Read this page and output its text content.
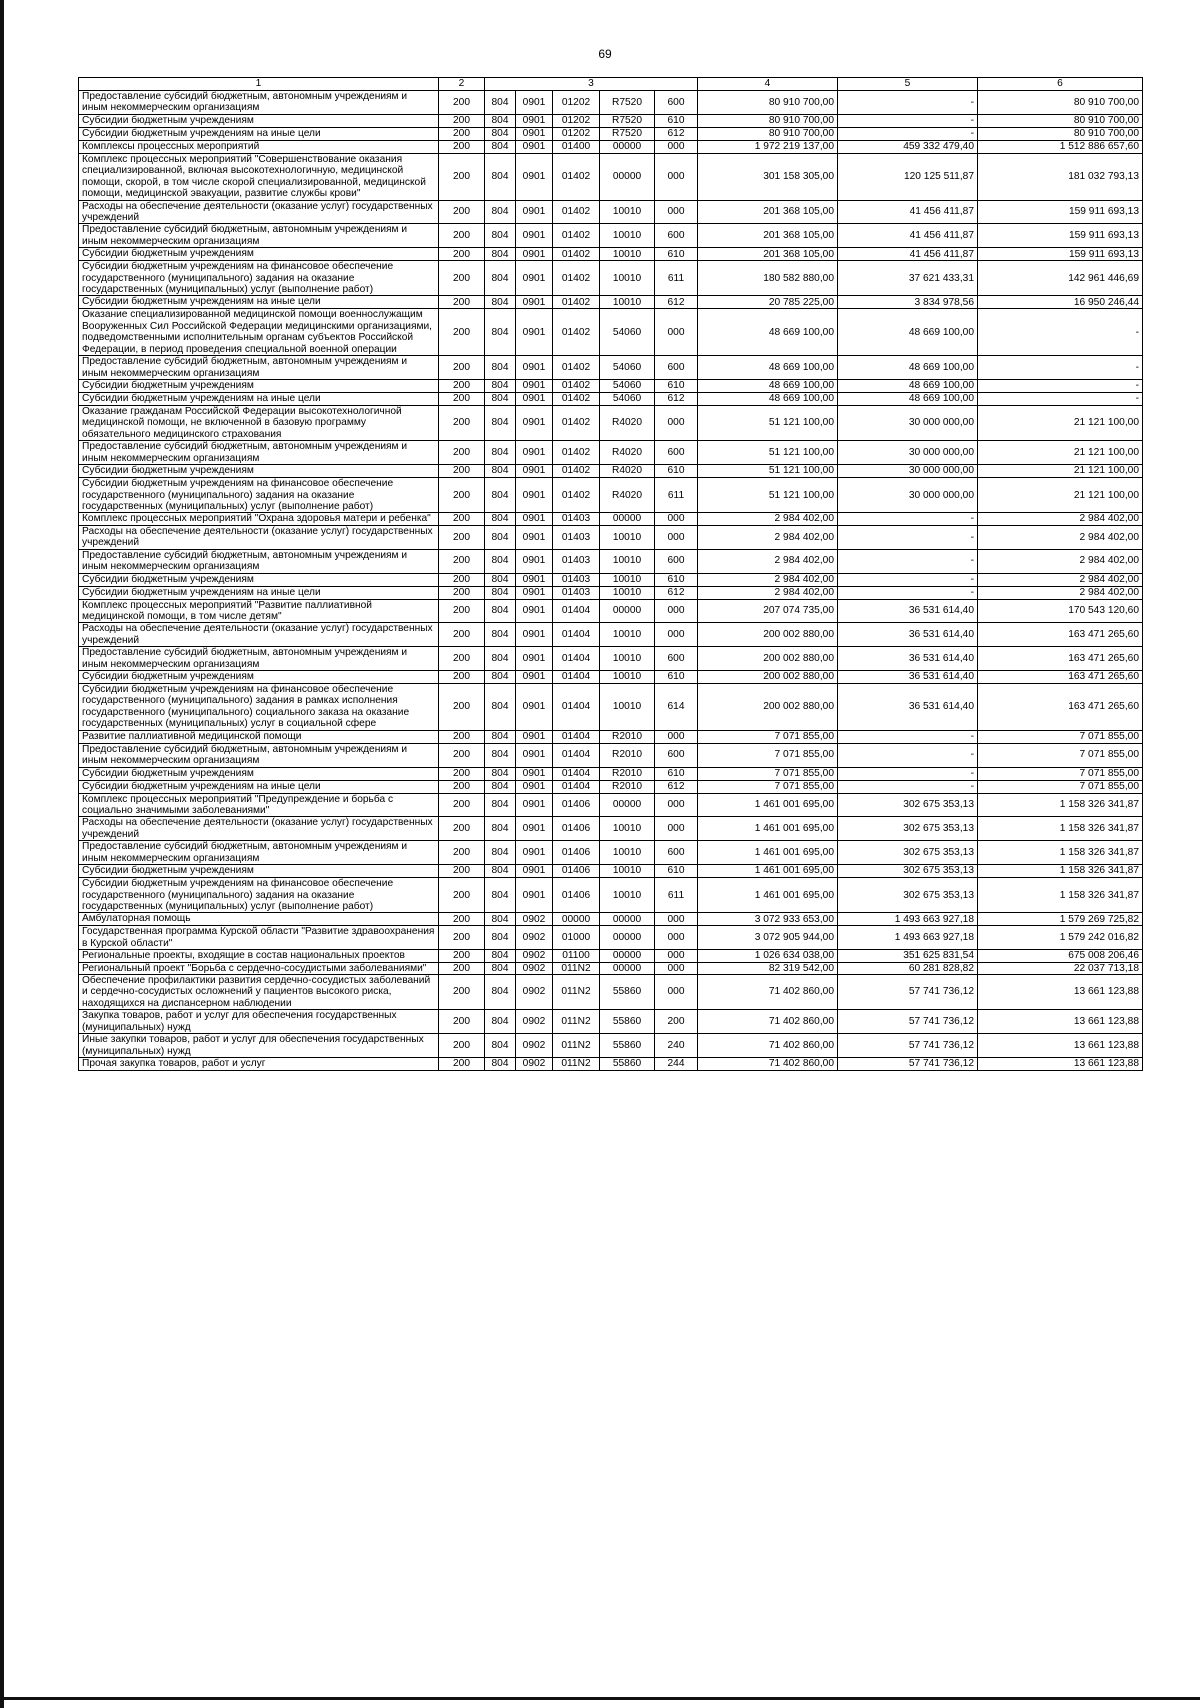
69
1	2	3					4	5	6
Предоставление субсидий бюджетным, автономным учреждениям и иным некоммерческим организациям	200	804	0901	01202	R7520	600	80 910 700,00	-	80 910 700,00
Субсидии бюджетным учреждениям	200	804	0901	01202	R7520	610	80 910 700,00	-	80 910 700,00
Субсидии бюджетным учреждениям на иные цели	200	804	0901	01202	R7520	612	80 910 700,00	-	80 910 700,00
Комплексы процессных мероприятий	200	804	0901	01400	00000	000	1 972 219 137,00	459 332 479,40	1 512 886 657,60
Комплекс процессных мероприятий "Совершенствование оказания специализированной, включая высокотехнологичную, медицинской помощи, скорой, в том числе скорой специализированной, медицинской помощи, медицинской эвакуации, развитие службы крови"	200	804	0901	01402	00000	000	301 158 305,00	120 125 511,87	181 032 793,13
Расходы на обеспечение деятельности (оказание услуг) государственных учреждений	200	804	0901	01402	10010	000	201 368 105,00	41 456 411,87	159 911 693,13
Предоставление субсидий бюджетным, автономным учреждениям и иным некоммерческим организациям	200	804	0901	01402	10010	600	201 368 105,00	41 456 411,87	159 911 693,13
Субсидии бюджетным учреждениям	200	804	0901	01402	10010	610	201 368 105,00	41 456 411,87	159 911 693,13
Субсидии бюджетным учреждениям на финансовое обеспечение государственного (муниципального) задания на оказание государственных (муниципальных) услуг (выполнение работ)	200	804	0901	01402	10010	611	180 582 880,00	37 621 433,31	142 961 446,69
Субсидии бюджетным учреждениям на иные цели	200	804	0901	01402	10010	612	20 785 225,00	3 834 978,56	16 950 246,44
Оказание специализированной медицинской помощи военнослужащим Вооруженных Сил Российской Федерации медицинскими организациями, подведомственными исполнительным органам субъектов Российской Федерации, в период проведения специальной военной операции	200	804	0901	01402	54060	000	48 669 100,00	48 669 100,00	-
Предоставление субсидий бюджетным, автономным учреждениям и иным некоммерческим организациям	200	804	0901	01402	54060	600	48 669 100,00	48 669 100,00	-
Субсидии бюджетным учреждениям	200	804	0901	01402	54060	610	48 669 100,00	48 669 100,00	-
Субсидии бюджетным учреждениям на иные цели	200	804	0901	01402	54060	612	48 669 100,00	48 669 100,00	-
Оказание гражданам Российской Федерации высокотехнологичной медицинской помощи, не включенной в базовую программу обязательного медицинского страхования	200	804	0901	01402	R4020	000	51 121 100,00	30 000 000,00	21 121 100,00
Предоставление субсидий бюджетным, автономным учреждениям и иным некоммерческим организациям	200	804	0901	01402	R4020	600	51 121 100,00	30 000 000,00	21 121 100,00
Субсидии бюджетным учреждениям	200	804	0901	01402	R4020	610	51 121 100,00	30 000 000,00	21 121 100,00
Субсидии бюджетным учреждениям на финансовое обеспечение государственного (муниципального) задания на оказание государственных (муниципальных) услуг (выполнение работ)	200	804	0901	01402	R4020	611	51 121 100,00	30 000 000,00	21 121 100,00
Комплекс процессных мероприятий "Охрана здоровья матери и ребенка"	200	804	0901	01403	00000	000	2 984 402,00	-	2 984 402,00
Расходы на обеспечение деятельности (оказание услуг) государственных учреждений	200	804	0901	01403	10010	000	2 984 402,00	-	2 984 402,00
Предоставление субсидий бюджетным, автономным учреждениям и иным некоммерческим организациям	200	804	0901	01403	10010	600	2 984 402,00	-	2 984 402,00
Субсидии бюджетным учреждениям	200	804	0901	01403	10010	610	2 984 402,00	-	2 984 402,00
Субсидии бюджетным учреждениям на иные цели	200	804	0901	01403	10010	612	2 984 402,00	-	2 984 402,00
Комплекс процессных мероприятий "Развитие паллиативной медицинской помощи, в том числе детям"	200	804	0901	01404	00000	000	207 074 735,00	36 531 614,40	170 543 120,60
Расходы на обеспечение деятельности (оказание услуг) государственных учреждений	200	804	0901	01404	10010	000	200 002 880,00	36 531 614,40	163 471 265,60
Предоставление субсидий бюджетным, автономным учреждениям и иным некоммерческим организациям	200	804	0901	01404	10010	600	200 002 880,00	36 531 614,40	163 471 265,60
Субсидии бюджетным учреждениям	200	804	0901	01404	10010	610	200 002 880,00	36 531 614,40	163 471 265,60
Субсидии бюджетным учреждениям на финансовое обеспечение государственного (муниципального) задания в рамках исполнения государственного (муниципального) социального заказа на оказание государственных (муниципальных) услуг в социальной сфере	200	804	0901	01404	10010	614	200 002 880,00	36 531 614,40	163 471 265,60
Развитие паллиативной медицинской помощи	200	804	0901	01404	R2010	000	7 071 855,00	-	7 071 855,00
Предоставление субсидий бюджетным, автономным учреждениям и иным некоммерческим организациям	200	804	0901	01404	R2010	600	7 071 855,00	-	7 071 855,00
Субсидии бюджетным учреждениям	200	804	0901	01404	R2010	610	7 071 855,00	-	7 071 855,00
Субсидии бюджетным учреждениям на иные цели	200	804	0901	01404	R2010	612	7 071 855,00	-	7 071 855,00
Комплекс процессных мероприятий "Предупреждение и борьба с социально значимыми заболеваниями"	200	804	0901	01406	00000	000	1 461 001 695,00	302 675 353,13	1 158 326 341,87
Расходы на обеспечение деятельности (оказание услуг) государственных учреждений	200	804	0901	01406	10010	000	1 461 001 695,00	302 675 353,13	1 158 326 341,87
Предоставление субсидий бюджетным, автономным учреждениям и иным некоммерческим организациям	200	804	0901	01406	10010	600	1 461 001 695,00	302 675 353,13	1 158 326 341,87
Субсидии бюджетным учреждениям	200	804	0901	01406	10010	610	1 461 001 695,00	302 675 353,13	1 158 326 341,87
Субсидии бюджетным учреждениям на финансовое обеспечение государственного (муниципального) задания на оказание государственных (муниципальных) услуг (выполнение работ)	200	804	0901	01406	10010	611	1 461 001 695,00	302 675 353,13	1 158 326 341,87
Амбулаторная помощь	200	804	0902	00000	00000	000	3 072 933 653,00	1 493 663 927,18	1 579 269 725,82
Государственная программа Курской области "Развитие здравоохранения в Курской области"	200	804	0902	01000	00000	000	3 072 905 944,00	1 493 663 927,18	1 579 242 016,82
Региональные проекты, входящие в состав национальных проектов	200	804	0902	01100	00000	000	1 026 634 038,00	351 625 831,54	675 008 206,46
Региональный проект "Борьба с сердечно-сосудистыми заболеваниями"	200	804	0902	011N2	00000	000	82 319 542,00	60 281 828,82	22 037 713,18
Обеспечение профилактики развития сердечно-сосудистых заболеваний и сердечно-сосудистых осложнений у пациентов высокого риска, находящихся на диспансерном наблюдении	200	804	0902	011N2	55860	000	71 402 860,00	57 741 736,12	13 661 123,88
Закупка товаров, работ и услуг для обеспечения государственных (муниципальных) нужд	200	804	0902	011N2	55860	200	71 402 860,00	57 741 736,12	13 661 123,88
Иные закупки товаров, работ и услуг для обеспечения государственных (муниципальных) нужд	200	804	0902	011N2	55860	240	71 402 860,00	57 741 736,12	13 661 123,88
Прочая закупка товаров, работ и услуг	200	804	0902	011N2	55860	244	71 402 860,00	57 741 736,12	13 661 123,88
